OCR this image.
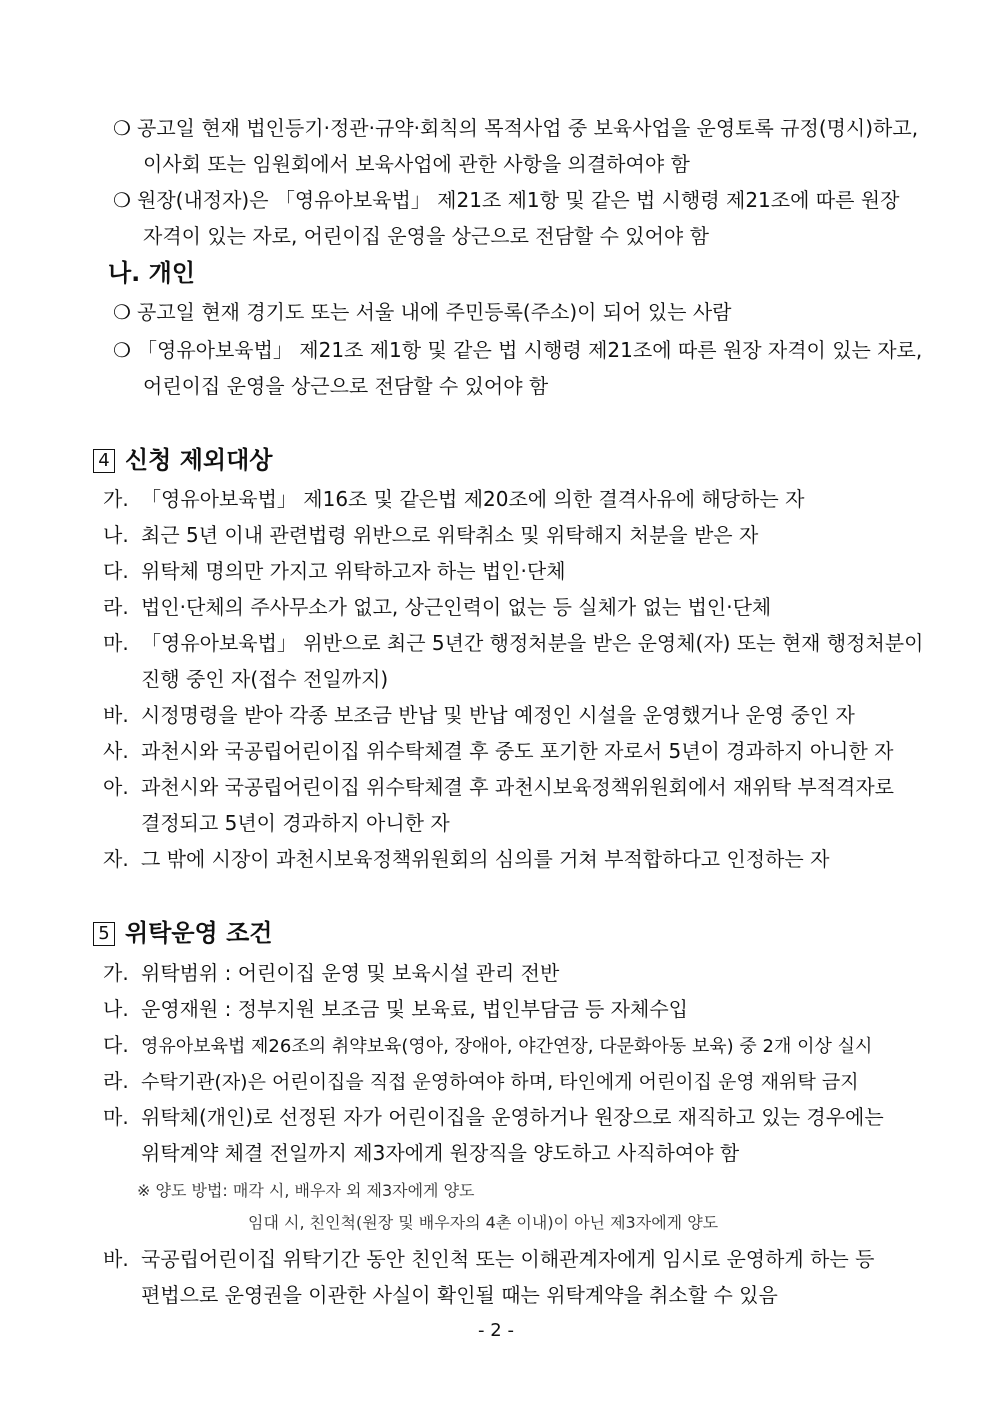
❍ 공고일 현재 법인등기·정관·규약·회칙의 목적사업 중 보육사업을 운영토록 규정(명시)하고,
이사회 또는 임원회에서 보육사업에 관한 사항을 의결하여야 함
❍ 원장(내정자)은 「영유아보육법」 제21조 제1항 및 같은 법 시행령 제21조에 따른 원장
자격이 있는 자로, 어린이집 운영을 상근으로 전담할 수 있어야 함
나. 개인
❍ 공고일 현재 경기도 또는 서울 내에 주민등록(주소)이 되어 있는 사람
❍ 「영유아보육법」 제21조 제1항 및 같은 법 시행령 제21조에 따른 원장 자격이 있는 자로,
어린이집 운영을 상근으로 전담할 수 있어야 함
4 신청 제외대상
가. 「영유아보육법」 제16조 및 같은법 제20조에 의한 결격사유에 해당하는 자
나. 최근 5년 이내 관련법령 위반으로 위탁취소 및 위탁해지 처분을 받은 자
다. 위탁체 명의만 가지고 위탁하고자 하는 법인·단체
라. 법인·단체의 주사무소가 없고, 상근인력이 없는 등 실체가 없는 법인·단체
마. 「영유아보육법」 위반으로 최근 5년간 행정처분을 받은 운영체(자) 또는 현재 행정처분이
진행 중인 자(접수 전일까지)
바. 시정명령을 받아 각종 보조금 반납 및 반납 예정인 시설을 운영했거나 운영 중인 자
사. 과천시와 국공립어린이집 위수탁체결 후 중도 포기한 자로서 5년이 경과하지 아니한 자
아. 과천시와 국공립어린이집 위수탁체결 후 과천시보육정책위원회에서 재위탁 부적격자로
결정되고 5년이 경과하지 아니한 자
자. 그 밖에 시장이 과천시보육정책위원회의 심의를 거쳐 부적합하다고 인정하는 자
5 위탁운영 조건
가. 위탁범위 : 어린이집 운영 및 보육시설 관리 전반
나. 운영재원 : 정부지원 보조금 및 보육료, 법인부담금 등 자체수입
다. 영유아보육법 제26조의 취약보육(영아, 장애아, 야간연장, 다문화아동 보육) 중 2개 이상 실시
라. 수탁기관(자)은 어린이집을 직접 운영하여야 하며, 타인에게 어린이집 운영 재위탁 금지
마. 위탁체(개인)로 선정된 자가 어린이집을 운영하거나 원장으로 재직하고 있는 경우에는
위탁계약 체결 전일까지 제3자에게 원장직을 양도하고 사직하여야 함
※ 양도 방법: 매각 시, 배우자 외 제3자에게 양도
임대 시, 친인척(원장 및 배우자의 4촌 이내)이 아닌 제3자에게 양도
바. 국공립어린이집 위탁기간 동안 친인척 또는 이해관계자에게 임시로 운영하게 하는 등
편법으로 운영권을 이관한 사실이 확인될 때는 위탁계약을 취소할 수 있음
- 2 -
